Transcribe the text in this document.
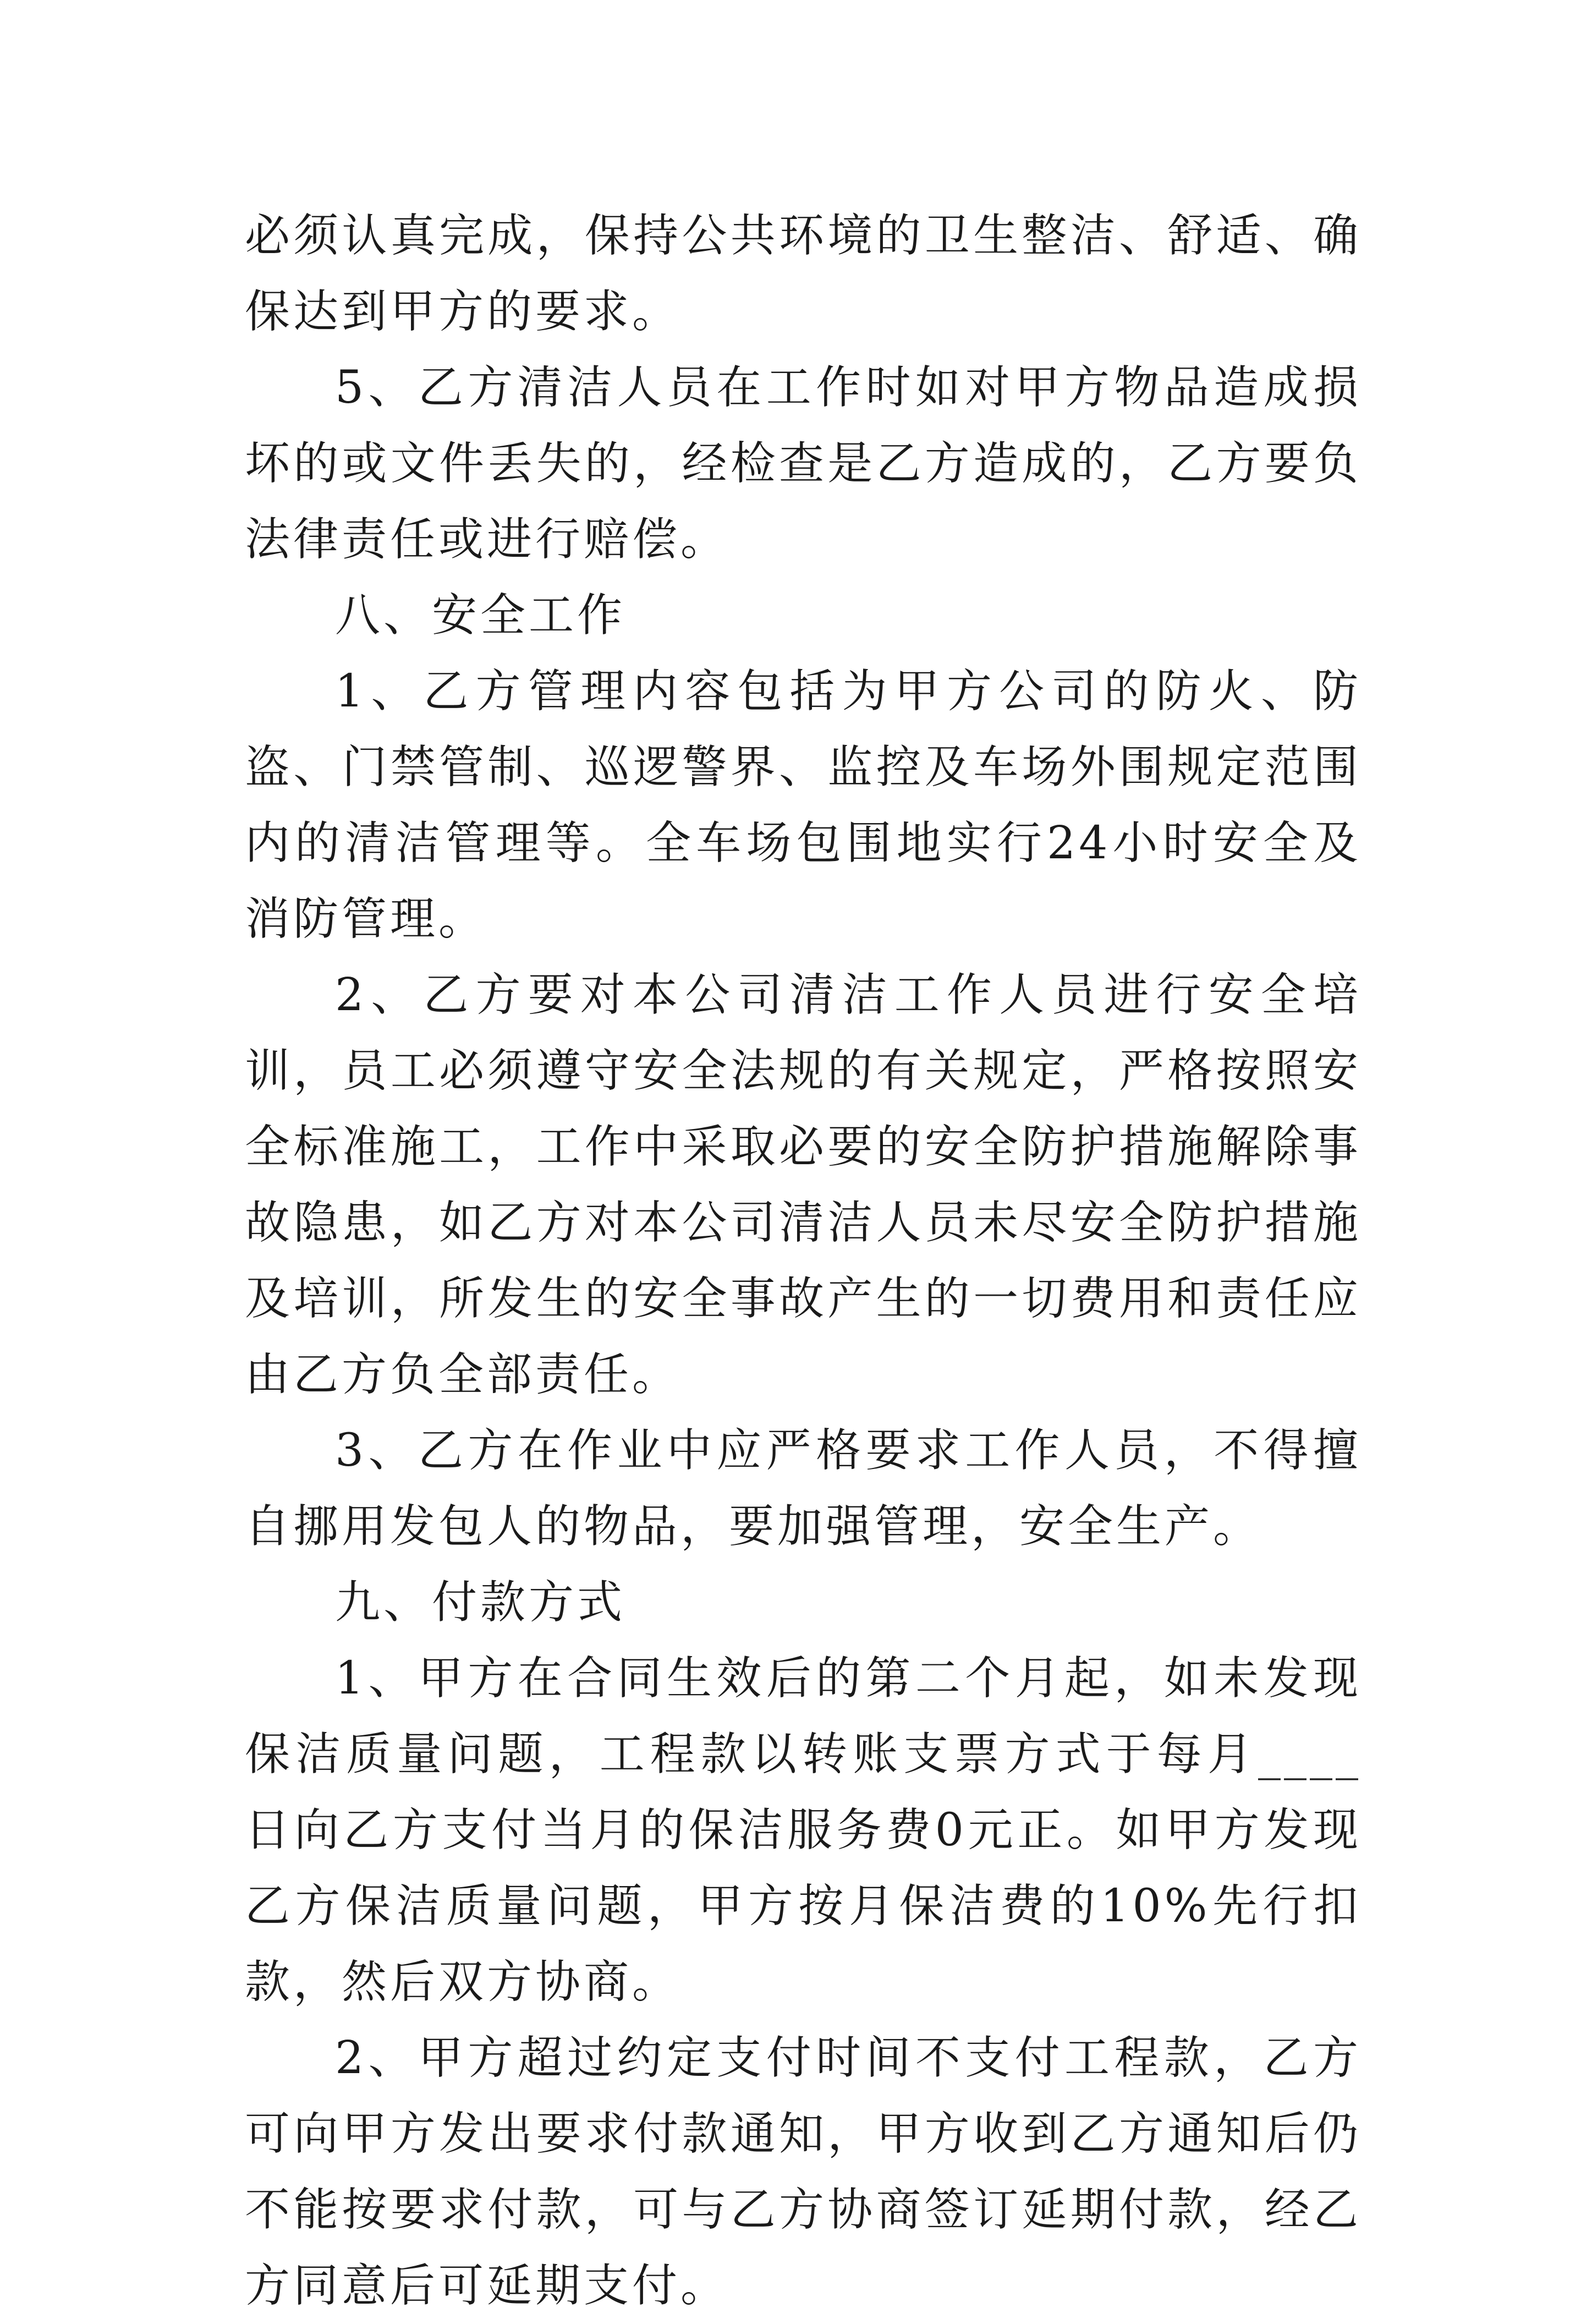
必须认真完成，保持公共环境的卫生整洁、舒适、确保达到甲方的要求。

5、乙方清洁人员在工作时如对甲方物品造成损坏的或文件丢失的，经检查是乙方造成的，乙方要负法律责任或进行赔偿。

八、安全工作

1、乙方管理内容包括为甲方公司的防火、防盗、门禁管制、巡逻警界、监控及车场外围规定范围内的清洁管理等。全车场包围地实行24小时安全及消防管理。

2、乙方要对本公司清洁工作人员进行安全培训，员工必须遵守安全法规的有关规定，严格按照安全标准施工，工作中采取必要的安全防护措施解除事故隐患，如乙方对本公司清洁人员未尽安全防护措施及培训，所发生的安全事故产生的一切费用和责任应由乙方负全部责任。

3、乙方在作业中应严格要求工作人员，不得擅自挪用发包人的物品，要加强管理，安全生产。

九、付款方式

1、甲方在合同生效后的第二个月起，如未发现保洁质量问题，工程款以转账支票方式于每月____日向乙方支付当月的保洁服务费0元正。如甲方发现乙方保洁质量问题，甲方按月保洁费的10%先行扣款，然后双方协商。

2、甲方超过约定支付时间不支付工程款，乙方可向甲方发出要求付款通知，甲方收到乙方通知后仍不能按要求付款，可与乙方协商签订延期付款，经乙方同意后可延期支付。
